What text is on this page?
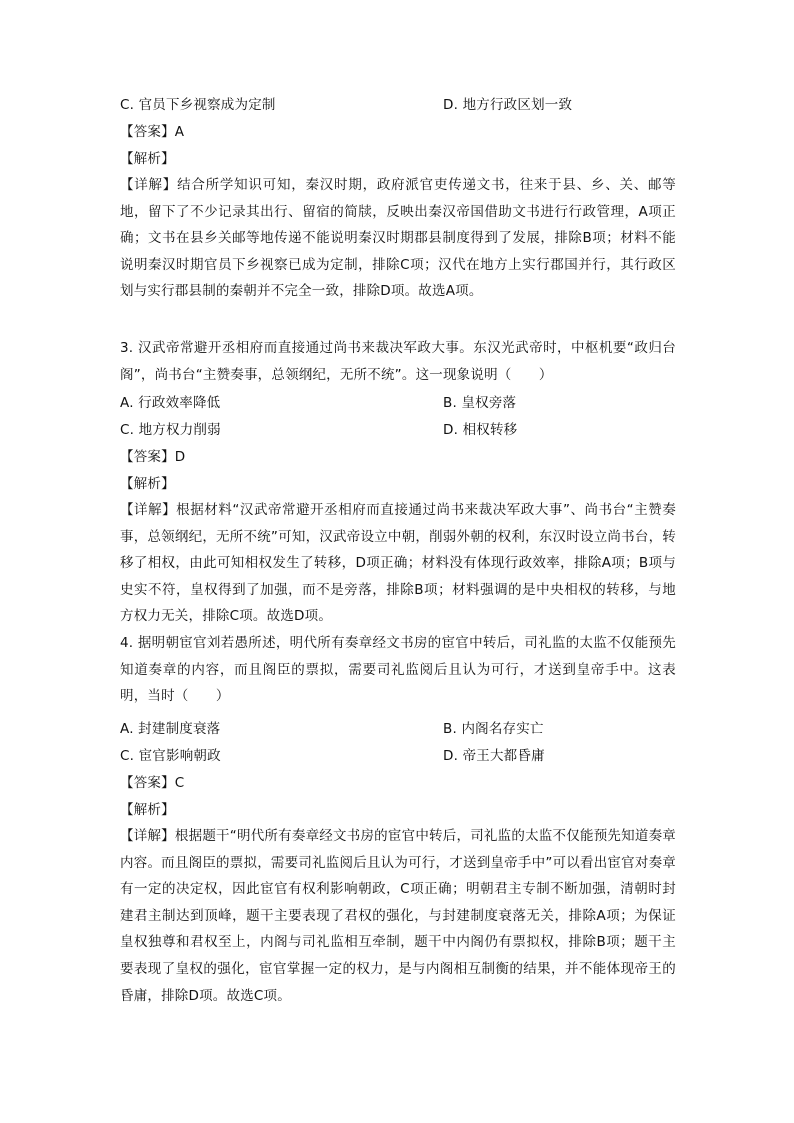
C. 官员下乡视察成为定制	D. 地方行政区划一致
【答案】A
【解析】
【详解】结合所学知识可知，秦汉时期，政府派官吏传递文书，往来于县、乡、关、邮等地，留下了不少记录其出行、留宿的简牍，反映出秦汉帝国借助文书进行行政管理，A项正确；文书在县乡关邮等地传递不能说明秦汉时期郡县制度得到了发展，排除B项；材料不能说明秦汉时期官员下乡视察已成为定制，排除C项；汉代在地方上实行郡国并行，其行政区划与实行郡县制的秦朝并不完全一致，排除D项。故选A项。
3. 汉武帝常避开丞相府而直接通过尚书来裁决军政大事。东汉光武帝时，中枢机要“政归台阁”，尚书台“主赞奏事，总领纲纪，无所不统”。这一现象说明（　　）
A. 行政效率降低	B. 皇权旁落
C. 地方权力削弱	D. 相权转移
【答案】D
【解析】
【详解】根据材料“汉武帝常避开丞相府而直接通过尚书来裁决军政大事”、尚书台“主赞奏事，总领纲纪，无所不统”可知，汉武帝设立中朝，削弱外朝的权利，东汉时设立尚书台，转移了相权，由此可知相权发生了转移，D项正确；材料没有体现行政效率，排除A项；B项与史实不符，皇权得到了加强，而不是旁落，排除B项；材料强调的是中央相权的转移，与地方权力无关，排除C项。故选D项。
4. 据明朝宦官刘若愚所述，明代所有奏章经文书房的宦官中转后，司礼监的太监不仅能预先知道奏章的内容，而且阁臣的票拟，需要司礼监阅后且认为可行，才送到皇帝手中。这表明，当时（　　）
A. 封建制度衰落	B. 内阁名存实亡
C. 宦官影响朝政	D. 帝王大都昏庸
【答案】C
【解析】
【详解】根据题干“明代所有奏章经文书房的宦官中转后，司礼监的太监不仅能预先知道奏章内容。而且阁臣的票拟，需要司礼监阅后且认为可行，才送到皇帝手中”可以看出宦官对奏章有一定的决定权，因此宦官有权利影响朝政，C项正确；明朝君主专制不断加强，清朝时封建君主制达到顶峰，题干主要表现了君权的强化，与封建制度衰落无关，排除A项；为保证皇权独尊和君权至上，内阁与司礼监相互牵制，题干中内阁仍有票拟权，排除B项；题干主要表现了皇权的强化，宦官掌握一定的权力，是与内阁相互制衡的结果，并不能体现帝王的昏庸，排除D项。故选C项。
